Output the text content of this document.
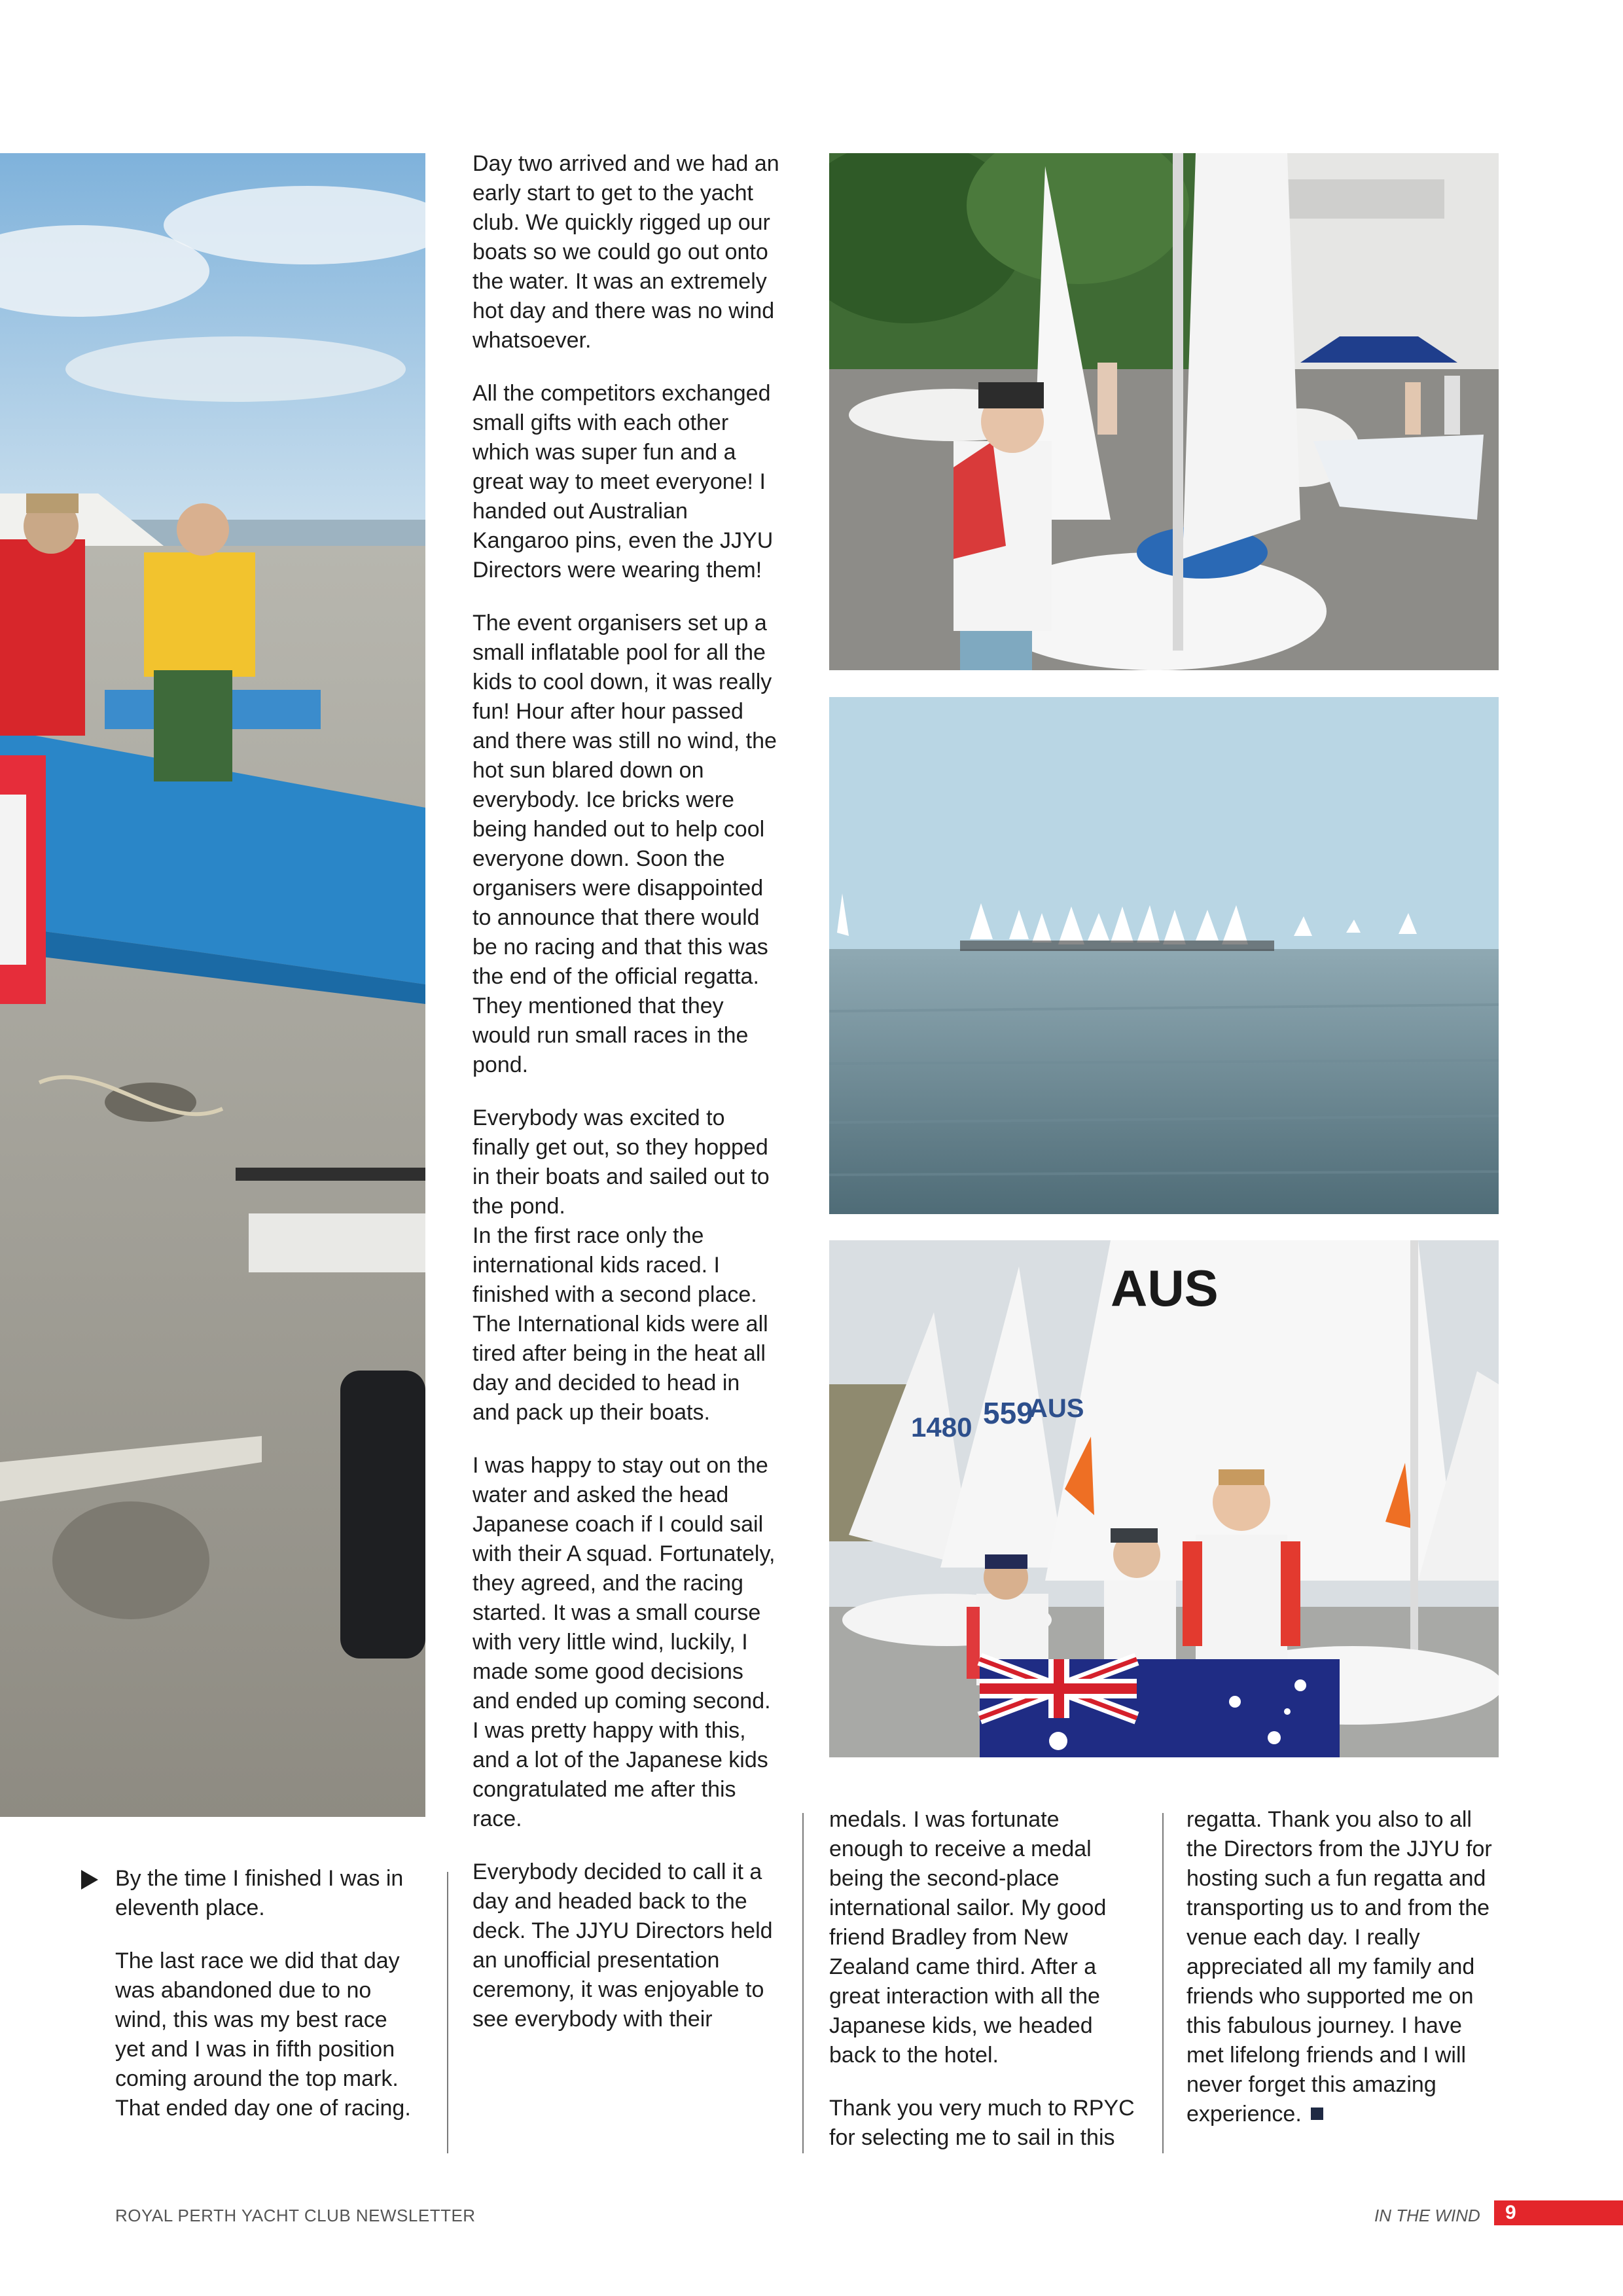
AUS
1480 559
AUS

By the time I finished I was in eleventh place.

The last race we did that day was abandoned due to no wind, this was my best race yet and I was in fifth position coming around the top mark. That ended day one of racing.

Day two arrived and we had an early start to get to the yacht club. We quickly rigged up our boats so we could go out onto the water. It was an extremely hot day and there was no wind whatsoever.

All the competitors exchanged small gifts with each other which was super fun and a great way to meet everyone! I handed out Australian Kangaroo pins, even the JJYU Directors were wearing them!

The event organisers set up a small inflatable pool for all the kids to cool down, it was really fun! Hour after hour passed and there was still no wind, the hot sun blared down on everybody. Ice bricks were being handed out to help cool everyone down. Soon the organisers were disappointed to announce that there would be no racing and that this was the end of the official regatta. They mentioned that they would run small races in the pond.

Everybody was excited to finally get out, so they hopped in their boats and sailed out to the pond.

In the first race only the international kids raced. I finished with a second place. The International kids were all tired after being in the heat all day and decided to head in and pack up their boats.

I was happy to stay out on the water and asked the head Japanese coach if I could sail with their A squad. Fortunately, they agreed, and the racing started. It was a small course with very little wind, luckily, I made some good decisions and ended up coming second. I was pretty happy with this, and a lot of the Japanese kids congratulated me after this race.

Everybody decided to call it a day and headed back to the deck. The JJYU Directors held an unofficial presentation ceremony, it was enjoyable to see everybody with their

medals. I was fortunate enough to receive a medal being the second-place international sailor. My good friend Bradley from New Zealand came third. After a great interaction with all the Japanese kids, we headed back to the hotel.

Thank you very much to RPYC for selecting me to sail in this

regatta. Thank you also to all the Directors from the JJYU for hosting such a fun regatta and transporting us to and from the venue each day. I really appreciated all my family and friends who supported me on this fabulous journey. I have met lifelong friends and I will never forget this amazing experience.

ROYAL PERTH YACHT CLUB NEWSLETTER	IN THE WIND 9
